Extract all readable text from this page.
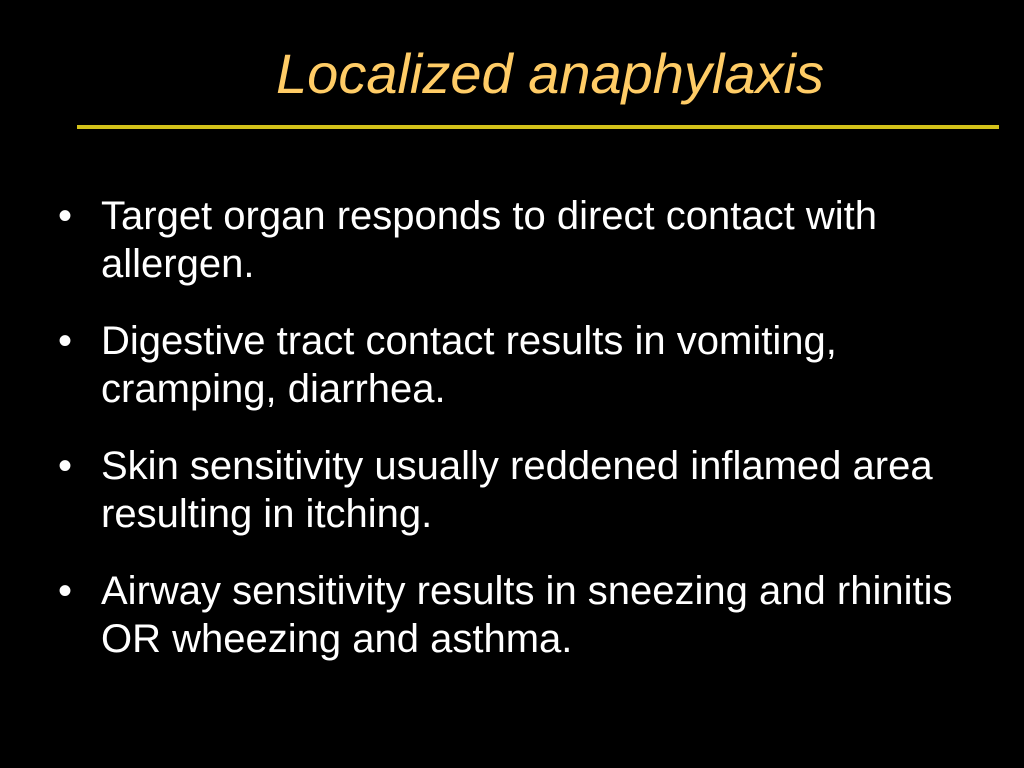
Localized anaphylaxis
• Target organ responds to direct contact with allergen.
• Digestive tract contact results in vomiting, cramping, diarrhea.
• Skin sensitivity usually reddened inflamed area resulting in itching.
• Airway sensitivity results in sneezing and rhinitis OR wheezing and asthma.
